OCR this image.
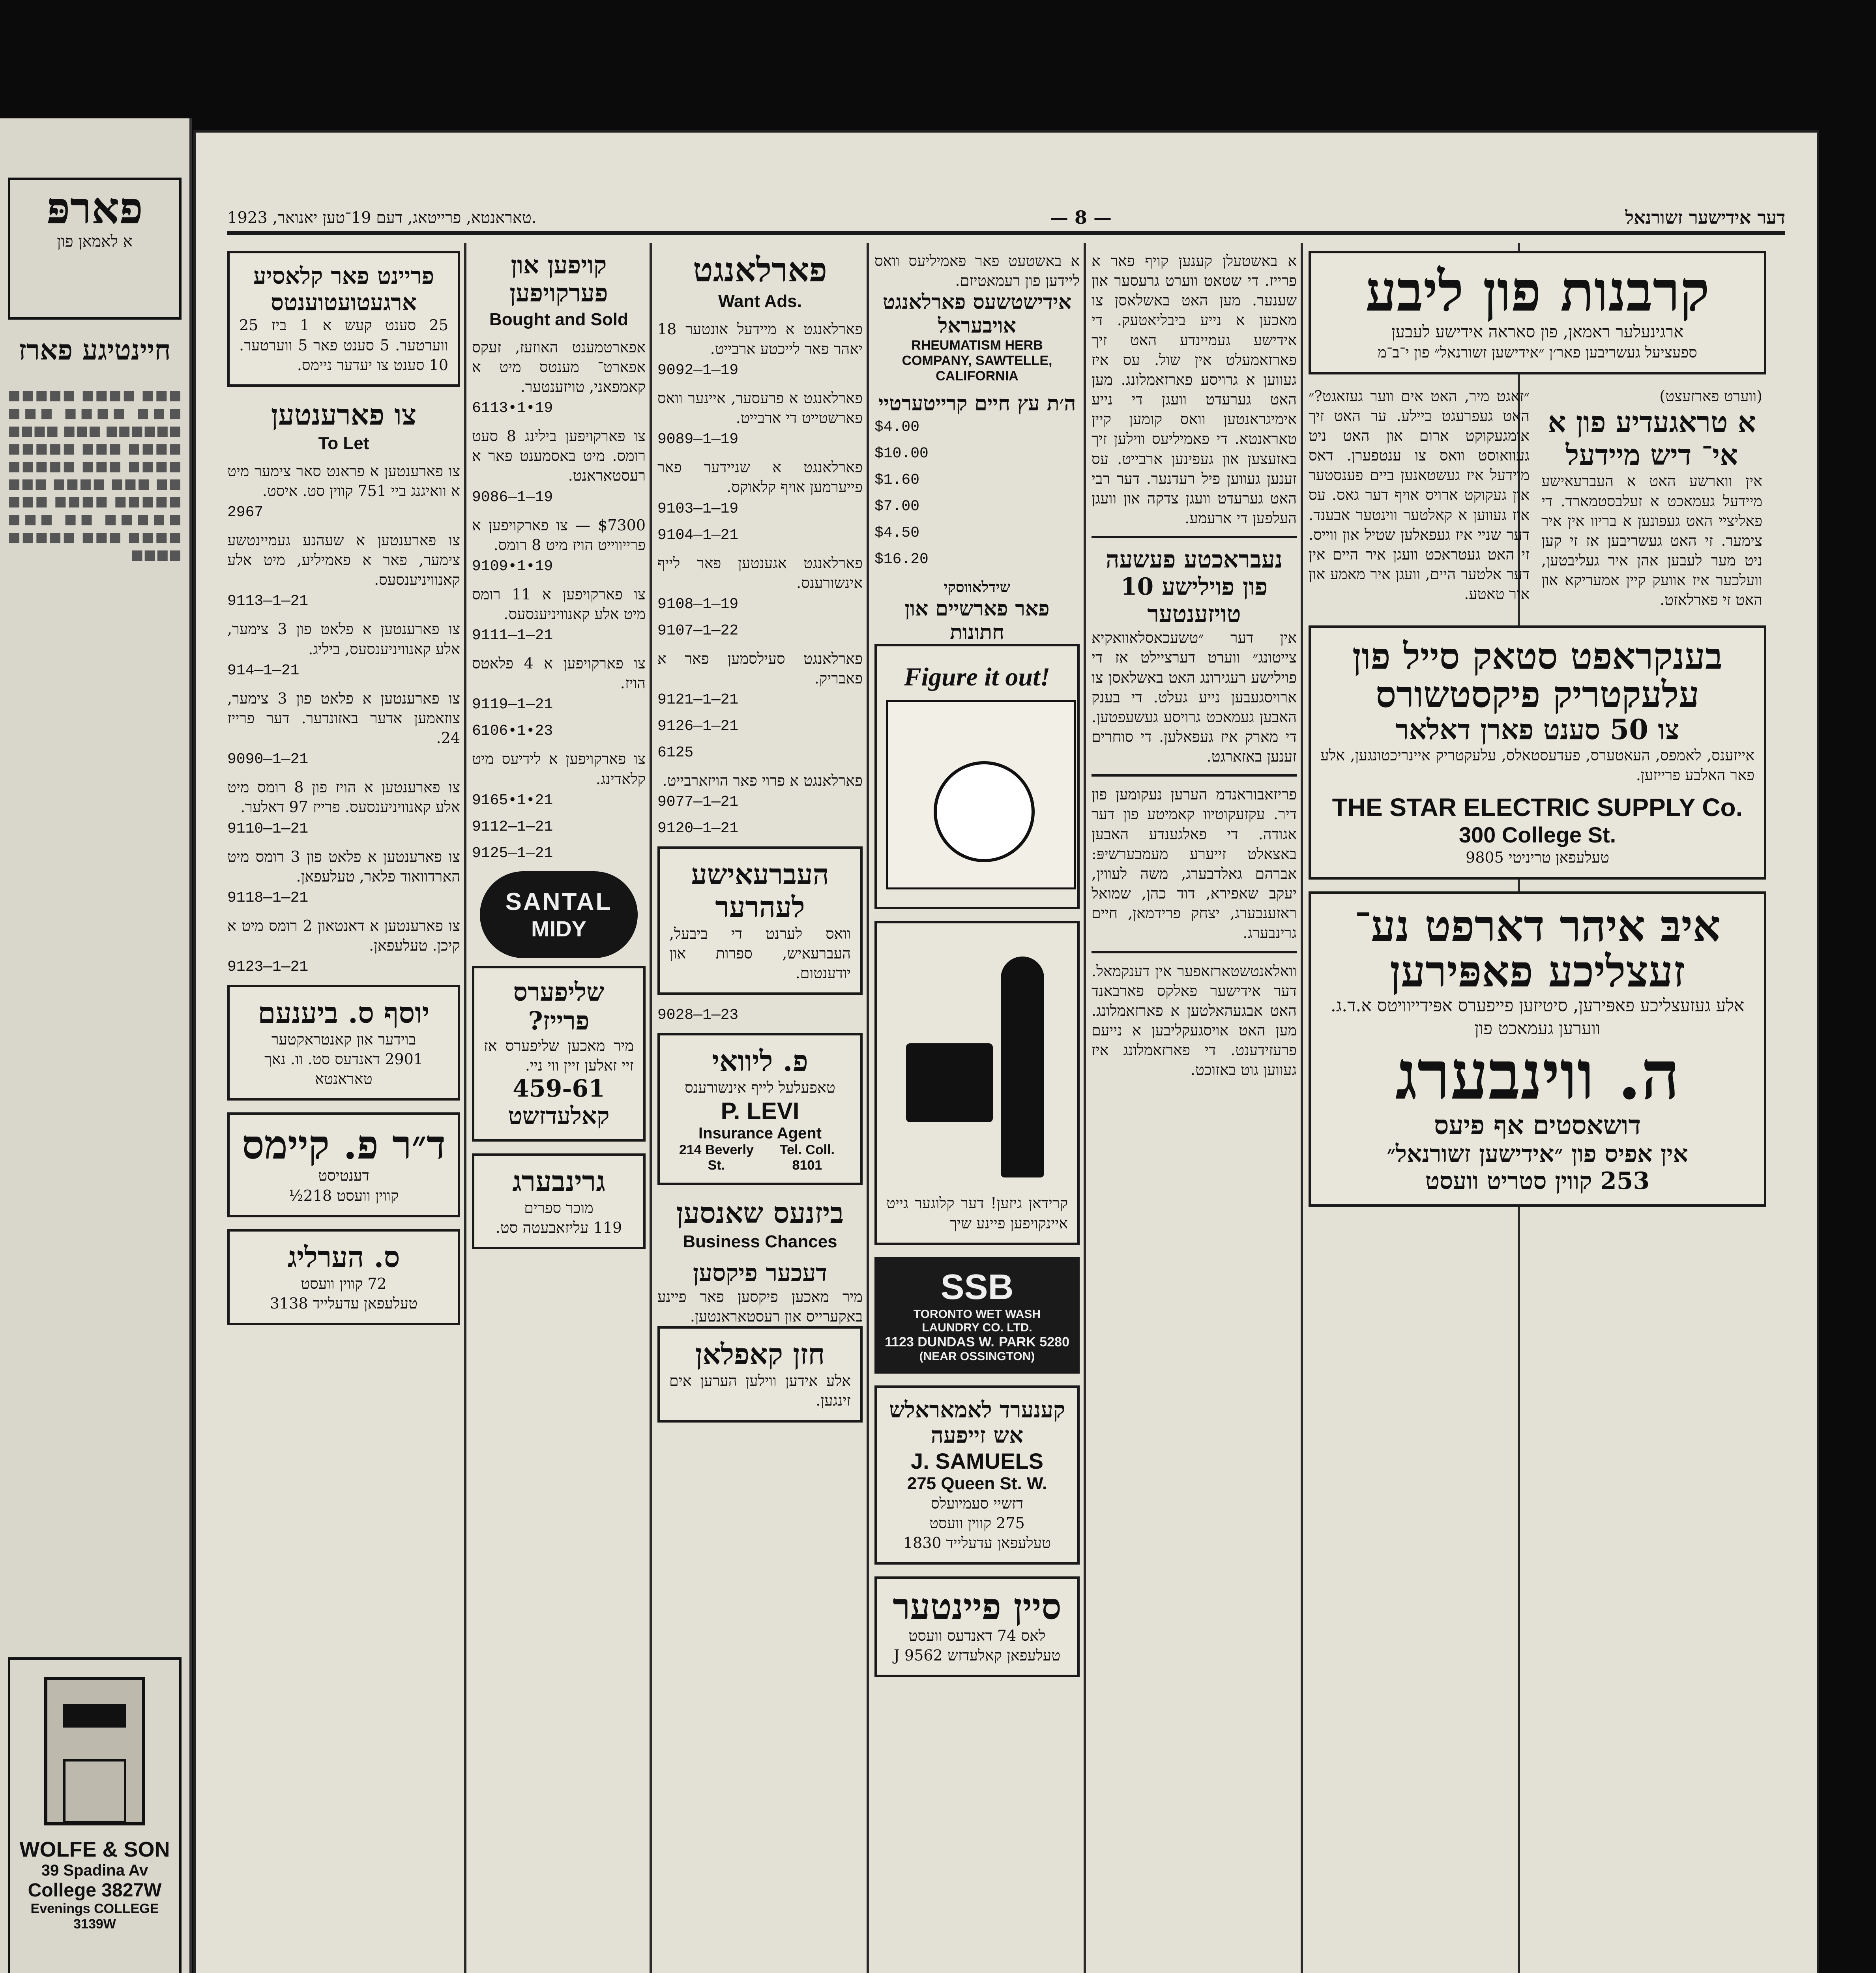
פארפּ
א לאמאן פון
חיינטיגע פארז
■■■ ■■■■ ■■■■■ ■■■ ■■■■ ■■■ ■■■■■■ ■■■ ■■■■ ■■■■ ■■■ ■■■■■ ■■■■ ■■■ ■■■■■ ■■ ■■■ ■■■■ ■■■ ■■■■■ ■■■■ ■■■ ■■■■■ ■■ ■■■ ■■■■ ■■■ ■■■■■ ■■■■
WOLFE & SON
39 Spadina Av
College 3827W
Evenings COLLEGE 3139W
טאראנטא, פרייטאג, דעם 19־טען יאנואר, 1923.	— 8 —	דער אידישער זשורנאל
פריינט פאר קלאסיע ארגעטועטוענטס
25 סענט קעש א 1 ביז 25 ווערטער. 5 סענט פאר 5 ווערטער. 10 סענט צו יעדער ניימס.
צו פארענטען
To Let
צו פארענטען א פראנט סאר צימער מיט א וואיגנג ביי 751 קווין סט. איסט.
2967
צו פארענטען א שעהנע געמיינטשע צימער, פאר א פאמיליע, מיט אלע קאנוויניענסעס.
9113—1—21
צו פארענטען א פלאט פון 3 צימער, אלע קאנוויניענסעס, ביליג.
914—1—21
צו פארענטען א פלאט פון 3 צימער, צוזאמען אדער באזונדער. דער פרייז 24.
9090—1—21
צו פארענטען א הויז פון 8 רומס מיט אלע קאנוויניענסעס. פרייז 97 דאלער.
9110—1—21
צו פארענטען א פלאט פון 3 רומס מיט הארדוואוד פלאר, טעלעפאן.
9118—1—21
צו פארענטען א דאנטאון 2 רומס מיט א קיכן. טעלעפאן.
9123—1—21
יוסף ס. ביענעם
בוידער און קאנטראקטער
2901 דאנדעס סט. וו. נאך טאראנטא
ד״ר פ. קיימס
דענטיסט
קווין וועסט 218½
ס. הערליג
72 קווין וועסט
טעלעפאן עדעלייד 3138
קויפען און פערקויפען
Bought and Sold
אפארטמענט האוזעז, זעקס אפארט־ מענטס מיט א קאמפאני, טויזענטער.
6113•1•19
צו פארקויפען בילינג 8 סעט רומס. מיט באסמענט פאר א רעסטאראנט.
9086—1—19
$7300 — צו פארקויפען א פרייווייט הויז מיט 8 רומס.
9109•1•19
צו פארקויפען א 11 רומס מיט אלע קאנוויניענסעס.
9111—1—21
צו פארקויפען א 4 פלאטס הויז.
9119—1—21
6106•1•23
צו פארקויפען א לידיעס מיט קלאדינג.
9165•1•21
9112—1—21
9125—1—21
SANTAL
MIDY
שליפערס פרייז?
מיר מאכען שליפערס אז זיי זאלען זיין ווי ניי.
459-61 קאלעדזשט
גרינבערג
מוכר ספרים
119 עליזאבעטה סט.
פארלאנגט
Want Ads.
פארלאנגט א מיידעל אונטער 18 יאהר פאר לייכטע ארבייט.
9092—1—19
פארלאנגט א פרעסער, איינער וואס פארשטייט די ארבייט.
9089—1—19
פארלאנגט א שניידער פאר פייערמען אויף קלאוקס.
9103—1—19
9104—1—21
פארלאנגט אגענטען פאר לייף אינשורענס.
9108—1—19
9107—1—22
פארלאנגט סעילסמען פאר א פאבריק.
9121—1—21
9126—1—21
6125
פארלאנגט א פרוי פאר הויזארבייט.
9077—1—21
9120—1—21
העברעאישע לעהרער
וואס לערנט די ביבעל, העברעאיש, ספרות און יודענטום.
9028—1—23
פ. ליוואי
טאפעלעל לייף אינשורענס
P. LEVI
Insurance Agent
214 Beverly St.
Tel. Coll. 8101
ביזנעס שאנסען
Business Chances
דעכער פיקסען
מיר מאכען פיקסען פאר פיינע באקערייס און רעסטאראנטען.
חזן קאפלאן
אלע אידען ווילען הערען אים זינגען.
א באשטעט פאר פאמיליעס וואס ליידען פון רעמאטיזם.
אידישטשעס פארלאנגט אויבעראל
RHEUMATISM HERB COMPANY, SAWTELLE, CALIFORNIA
ה׳ת עץ חיים קרייטערטיי
$4.00
$10.00
$1.60
$7.00
$4.50
$16.20
שידלאווסקי
פאר פארשיים און חתונות
Figure it out!
קרידאן גיזען! דער קלוגער גייט איינקויפען פיינע שיך
SSB
TORONTO WET WASH LAUNDRY CO. LTD.
1123 DUNDAS W. PARK 5280
(NEAR OSSINGTON)
קענערד לאמאראלש אש זייפעה
J. SAMUELS
275 Queen St. W.
דזשיי סעמיועלס
275 קווין וועסט
טעלעפאן עדעלייד 1830
סיין פיינטער
לאס 74 דאנדעס וועסט
טעלעפאן קאלעדזש 9562 J
א באשטעלן קענען קויף פאר א פרייז. די שטאט ווערט גרעסער און שענער. מען האט באשלאסן צו מאכען א נייע ביבליאטעק. די אידישע געמיינדע האט זיך פארזאמעלט אין שול. עס איז געווען א גרויסע פארזאמלונג. מען האט גערעדט וועגן די נייע אימיגראנטען וואס קומען קיין טאראנטא. די פאמיליעס ווילען זיך באזעצען און געפינען ארבייט. עס זענען געווען פיל רעדנער. דער רבי האט גערעדט וועגן צדקה און וועגן העלפען די ארעמע.
נעבראכטע פעשעה פון פוילישע 10 טויזענטער
אין דער ״טשעכאסלאוואקיא צייטונג״ ווערט דערציילט אז די פוילישע רעגירונג האט באשלאסן צו ארויסגעבען נייע געלט. די בענק האבען געמאכט גרויסע געשעפטען. די מארק איז געפאלען. די סוחרים זענען באזארגט.
פריזאבוראנדמ הערען נעקומען פון דיר. עקזעקוטיוו קאמיטע פון דער אגודה. די פאלגענדע האבען באצאלט זייערע מעמבערשיפּ: אברהם גאלדבערג, משה לעווין, יעקב שאפירא, דוד כהן, שמואל ראזענבערג, יצחק פרידמאן, חיים גרינבערג.
וואלאנטשטארזאפער אין דענקמאל. דער אידישער פאלקס פארבאנד האט אבגעהאלטען א פארזאמלונג. מען האט אויסגעקליבען א נייעם פרעזידענט. די פארזאמלונג איז געווען גוט באזוכט.
קרבנות פון ליבע
ארגינעלער ראמאן, פון סאראה אידישע לעבען
ספעציעל געשריבען פאר׳ן ״אידישען זשורנאל״ פון י־ב־מ
״זאגט מיר, האט אים ווער געזאגט?״ האט געפרעגט ביילע. ער האט זיך אומגעקוקט ארום און האט ניט געוואוסט וואס צו ענטפערן. דאס מיידעל איז געשטאנען ביים פענסטער און געקוקט ארויס אויף דער גאס. עס איז געווען א קאלטער ווינטער אבענד. דער שניי איז געפאלען שטיל און ווייס. זי האט געטראכט וועגן איר היים אין דער אלטער היים, וועגן איר מאמע און איר טאטע.
(ווערט פארזעצט)
א טראגעדיע פון א אי־ דיש מיידעל
אין ווארשע האט א העברעאישע מיידעל געמאכט א זעלבסטמארד. די פאליציי האט געפונען א בריוו אין איר צימער. זי האט געשריבען אז זי קען ניט מער לעבען אהן איר געליבטען, וועלכער איז אוועק קיין אמעריקא און האט זי פארלאזט.
בענקראפט סטאק סייל פון עלעקטריק פיקסטשורס
צו 50 סענט פארן דאלאר
אייזענס, לאמפס, העאטערס, פעדעסטאלס, עלעקטריק איינריכטונגען, אלע פאר האלבע פרייזען.
THE STAR ELECTRIC SUPPLY Co.
300 College St.
טעלעפאן טריניטי 9805
איבּ איהר דארפט נע־ זעצליכע פאפּירען
אלע געזעצליכע פאפּירען, סיטיזען פייפערס אפּידייוויטס א.ד.ג. ווערען געמאכט פון
ה. ווינבערג
דושאסטים אף פיעס
אין אפיס פון ״אידישען זשורנאל״
253 קווין סטריט וועסט
